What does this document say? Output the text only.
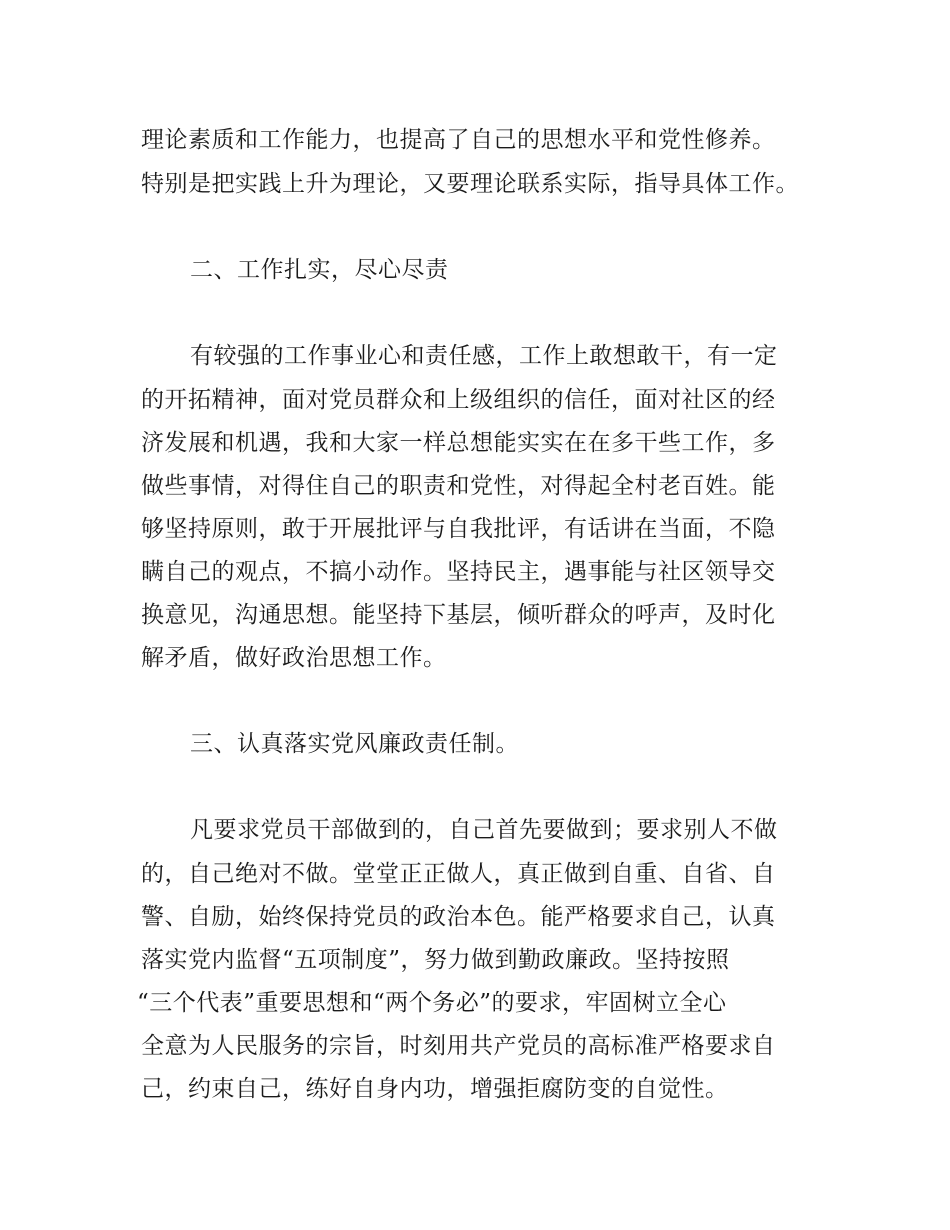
理论素质和工作能力，也提高了自己的思想水平和党性修养。
特别是把实践上升为理论，又要理论联系实际，指导具体工作。
二、工作扎实，尽心尽责
有较强的工作事业心和责任感，工作上敢想敢干，有一定
的开拓精神，面对党员群众和上级组织的信任，面对社区的经
济发展和机遇，我和大家一样总想能实实在在多干些工作，多
做些事情，对得住自己的职责和党性，对得起全村老百姓。能
够坚持原则，敢于开展批评与自我批评，有话讲在当面，不隐
瞒自己的观点，不搞小动作。坚持民主，遇事能与社区领导交
换意见，沟通思想。能坚持下基层，倾听群众的呼声，及时化
解矛盾，做好政治思想工作。
三、认真落实党风廉政责任制。
凡要求党员干部做到的，自己首先要做到；要求别人不做
的，自己绝对不做。堂堂正正做人，真正做到自重、自省、自
警、自励，始终保持党员的政治本色。能严格要求自己，认真
落实党内监督“五项制度”，努力做到勤政廉政。坚持按照
“三个代表”重要思想和“两个务必”的要求，牢固树立全心
全意为人民服务的宗旨，时刻用共产党员的高标准严格要求自
己，约束自己，练好自身内功，增强拒腐防变的自觉性。
